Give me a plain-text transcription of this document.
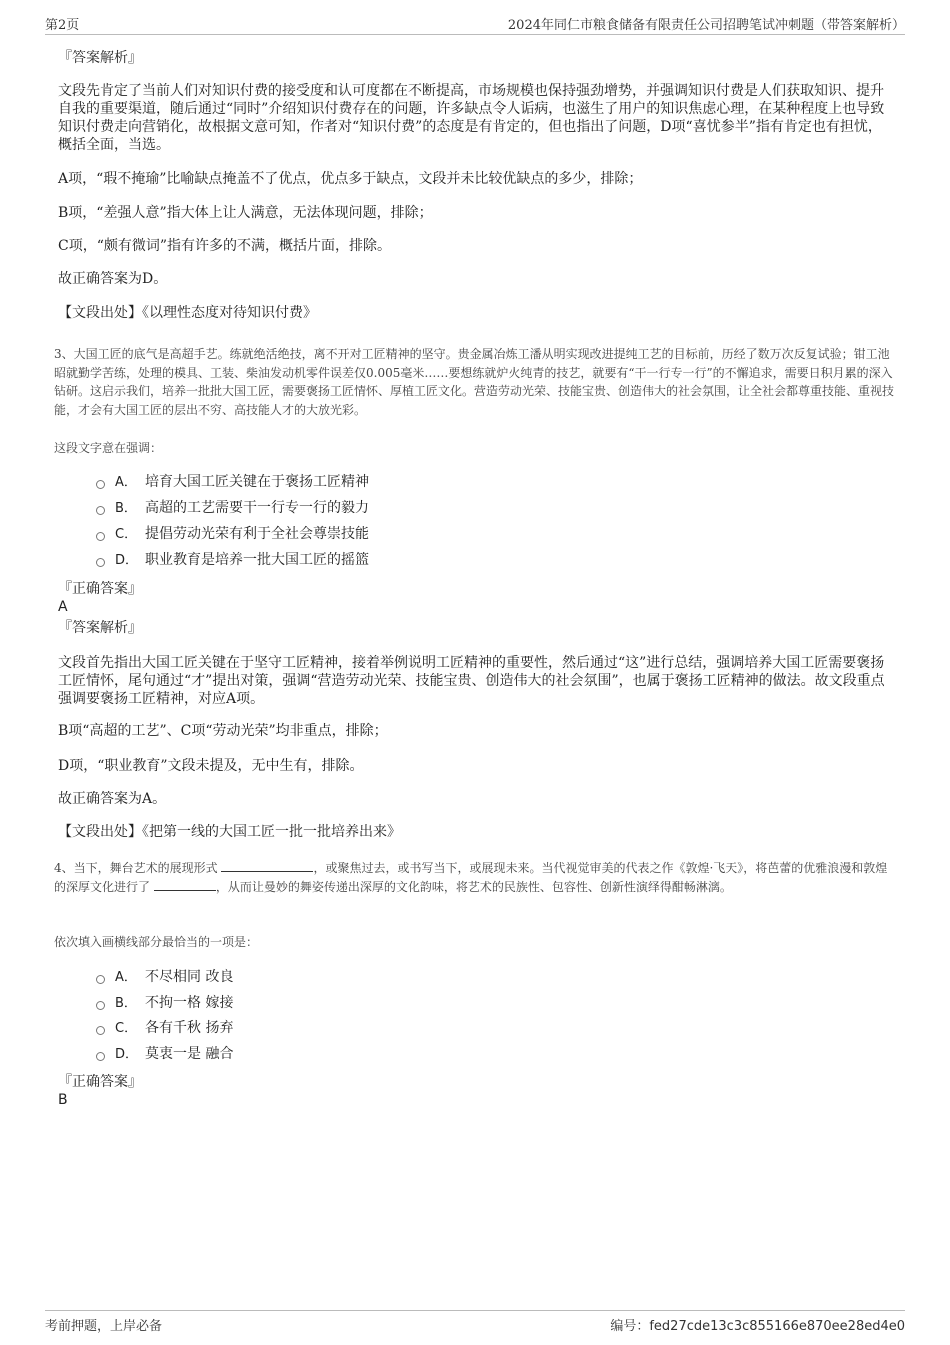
第2页	2024年同仁市粮食储备有限责任公司招聘笔试冲刺题（带答案解析）
『答案解析』
文段先肯定了当前人们对知识付费的接受度和认可度都在不断提高，市场规模也保持强劲增势，并强调知识付费是人们获取知识、提升自我的重要渠道，随后通过“同时”介绍知识付费存在的问题，许多缺点令人诟病，也滋生了用户的知识焦虑心理，在某种程度上也导致知识付费走向营销化，故根据文意可知，作者对“知识付费”的态度是有肯定的，但也指出了问题，D项“喜忧参半”指有肯定也有担忧，概括全面，当选。
A项，“瑕不掩瑜”比喻缺点掩盖不了优点，优点多于缺点，文段并未比较优缺点的多少，排除；
B项，“差强人意”指大体上让人满意，无法体现问题，排除；
C项，“颇有微词”指有许多的不满，概括片面，排除。
故正确答案为D。
【文段出处】《以理性态度对待知识付费》
3、大国工匠的底气是高超手艺。练就绝活绝技，离不开对工匠精神的坚守。贵金属冶炼工潘从明实现改进提纯工艺的目标前，历经了数万次反复试验；钳工池昭就勤学苦练，处理的模具、工装、柴油发动机零件误差仅0.005毫米……要想练就炉火纯青的技艺，就要有“干一行专一行”的不懈追求，需要日积月累的深入钻研。这启示我们，培养一批批大国工匠，需要褒扬工匠情怀、厚植工匠文化。营造劳动光荣、技能宝贵、创造伟大的社会氛围，让全社会都尊重技能、重视技能，才会有大国工匠的层出不穷、高技能人才的大放光彩。
这段文字意在强调：
A． 培育大国工匠关键在于褒扬工匠精神
B． 高超的工艺需要干一行专一行的毅力
C． 提倡劳动光荣有利于全社会尊崇技能
D． 职业教育是培养一批大国工匠的摇篮
『正确答案』
A
『答案解析』
文段首先指出大国工匠关键在于坚守工匠精神，接着举例说明工匠精神的重要性，然后通过“这”进行总结，强调培养大国工匠需要褒扬工匠情怀，尾句通过“才”提出对策，强调“营造劳动光荣、技能宝贵、创造伟大的社会氛围”，也属于褒扬工匠精神的做法。故文段重点强调要褒扬工匠精神，对应A项。
B项“高超的工艺”、C项“劳动光荣”均非重点，排除；
D项，“职业教育”文段未提及，无中生有，排除。
故正确答案为A。
【文段出处】《把第一线的大国工匠一批一批培养出来》
4、当下，舞台艺术的展现形式	，或聚焦过去，或书写当下，或展现未来。当代视觉审美的代表之作《敦煌·飞天》，将芭蕾的优雅浪漫和敦煌的深厚文化进行了	，从而让曼妙的舞姿传递出深厚的文化韵味，将艺术的民族性、包容性、创新性演绎得酣畅淋漓。
依次填入画横线部分最恰当的一项是：
A． 不尽相同 改良
B． 不拘一格 嫁接
C． 各有千秋 扬弃
D． 莫衷一是 融合
『正确答案』
B
考前押题，上岸必备	编号：fed27cde13c3c855166e870ee28ed4e0
